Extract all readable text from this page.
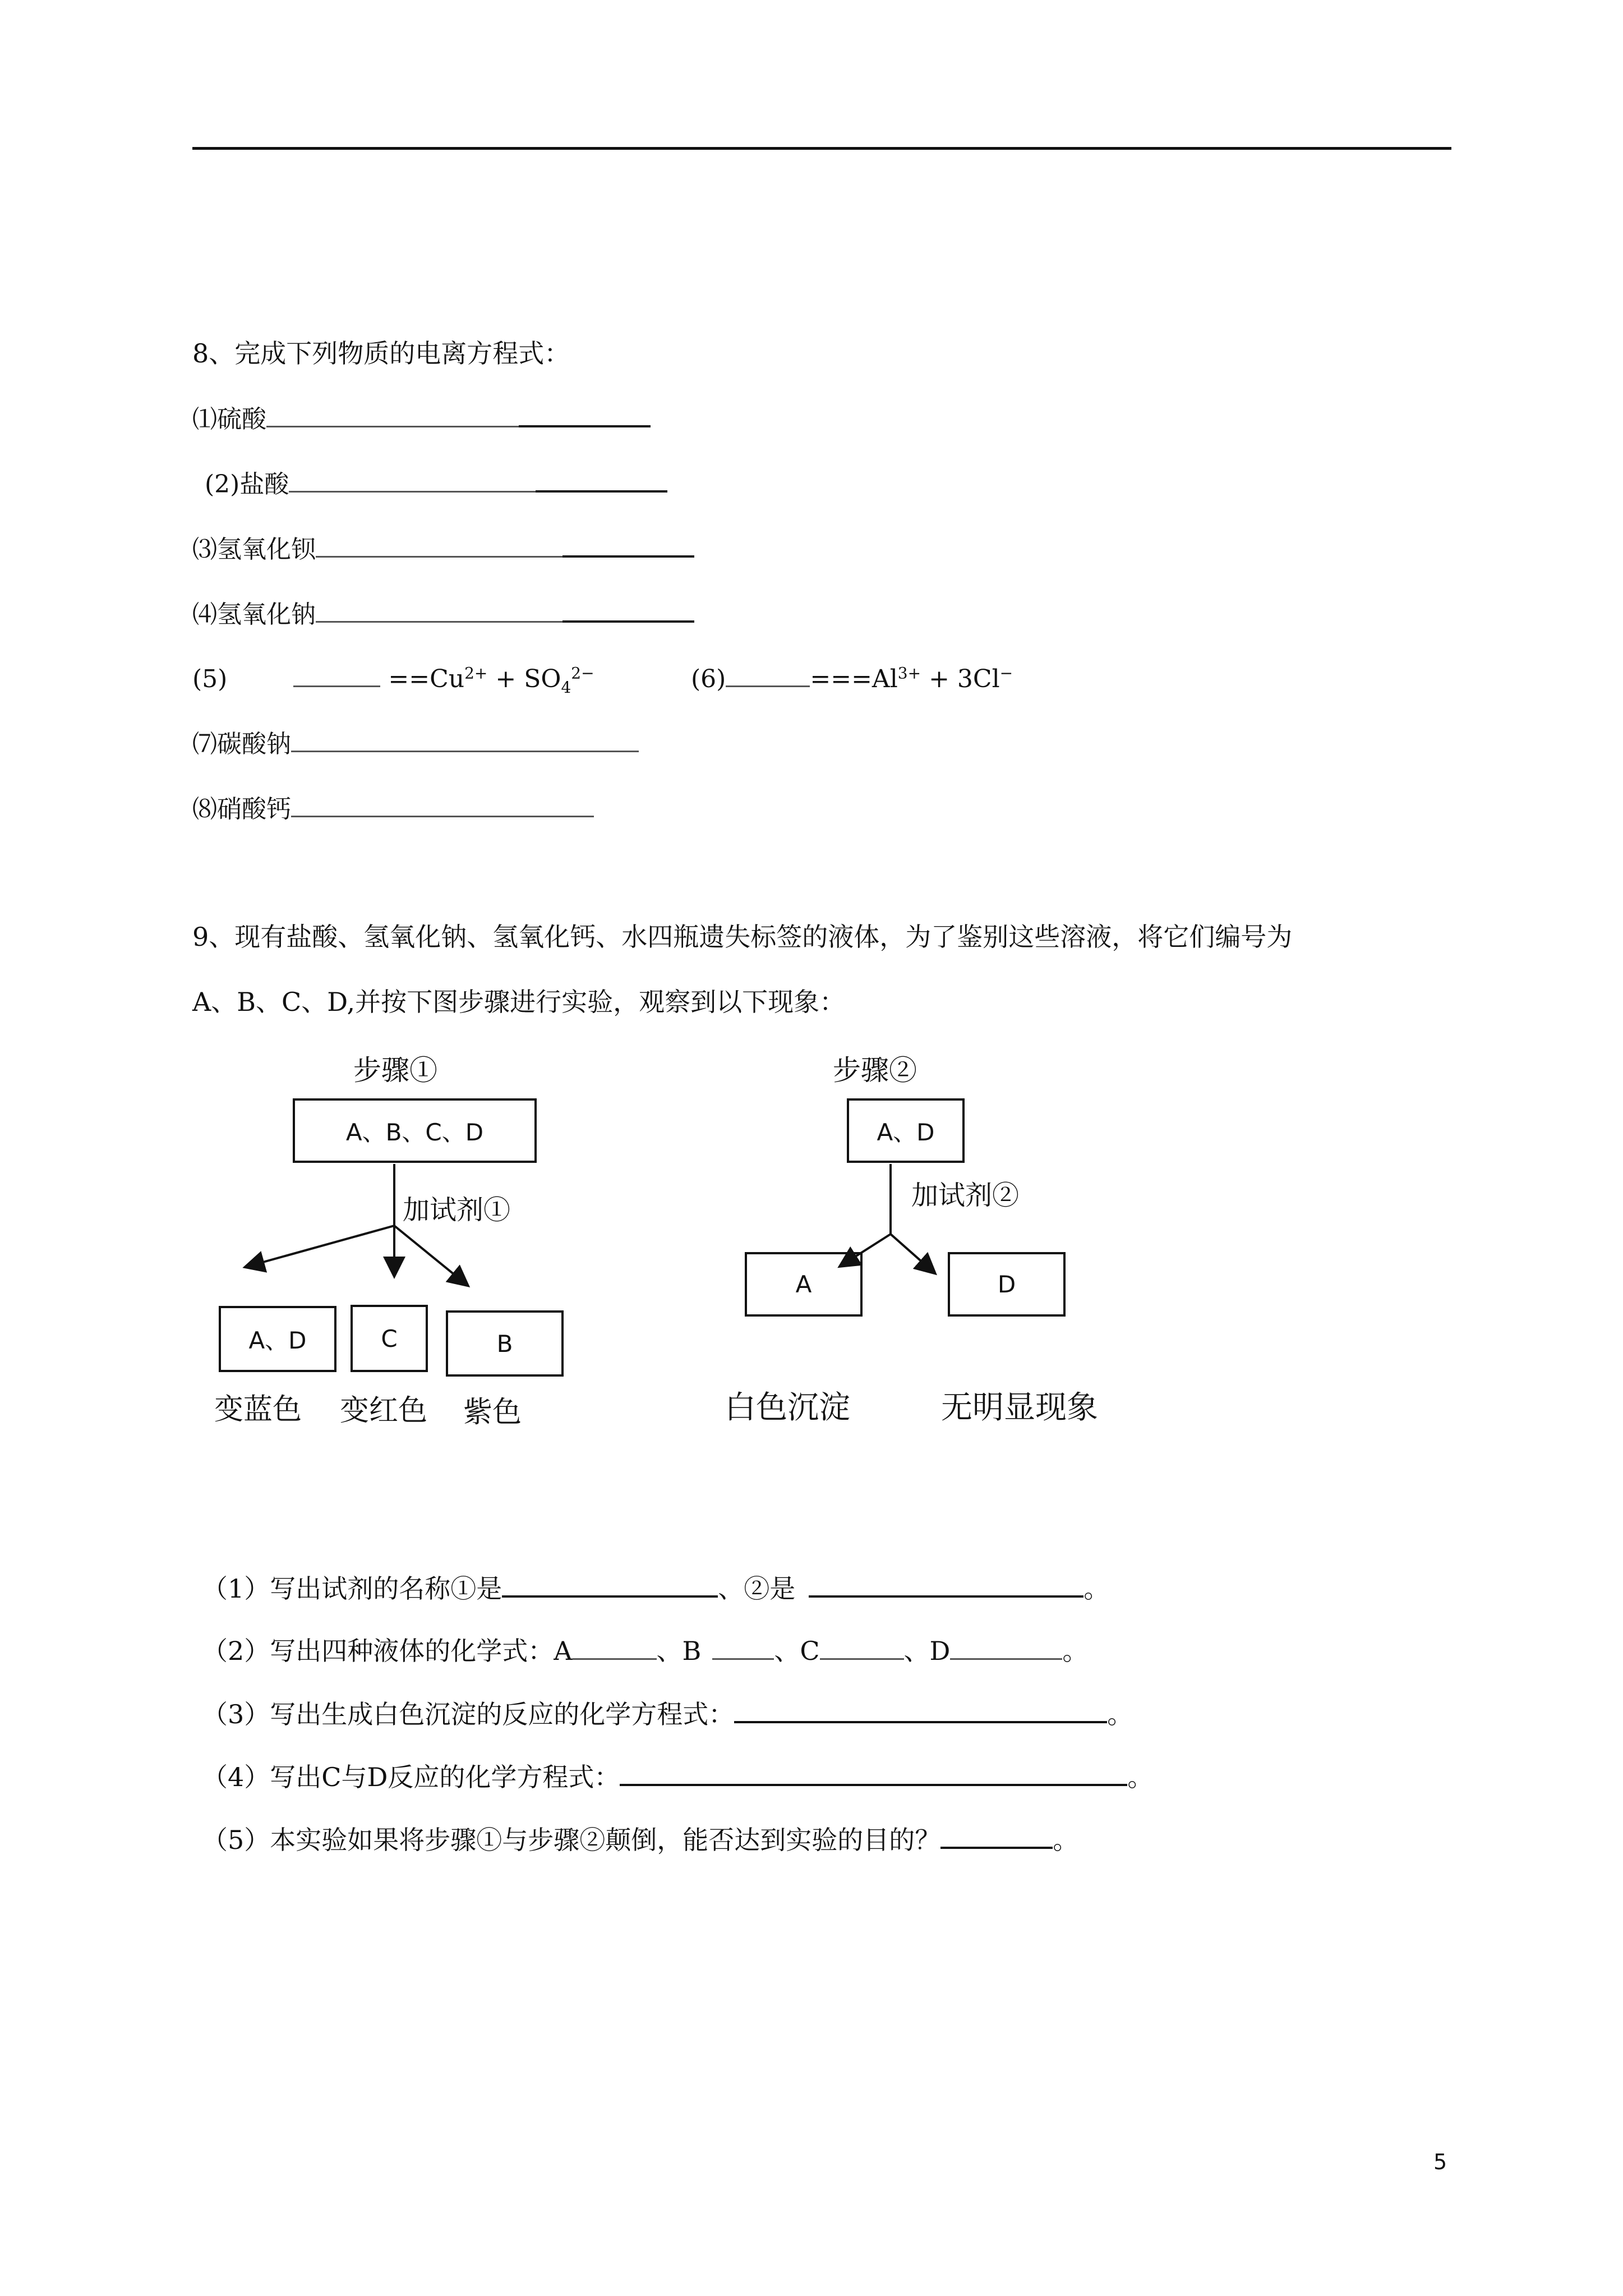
8、完成下列物质的电离方程式：
⑴硫酸
(2)盐酸
⑶氢氧化钡
⑷氢氧化钠
(5)	$==Cu^{2+} + SO_4^{2-}$	(6)	$===Al^{3+} + 3Cl^-$
⑺碳酸钠
⑻硝酸钙
9、现有盐酸、氢氧化钠、氢氧化钙、水四瓶遗失标签的液体，为了鉴别这些溶液，将它们编号为
A、B、C、D,并按下图步骤进行实验，观察到以下现象：
步骤①
A、B、C、D
加试剂①
A、D	C	B
变蓝色 变红色 紫色
步骤②
A、D
加试剂②
A	D
白色沉淀	无明显现象
（1）写出试剂的名称①是	、②是	。
（2）写出四种液体的化学式：A	、B	、C	、D	。
（3）写出生成白色沉淀的反应的化学方程式：	。
（4）写出C与D反应的化学方程式：	。
（5）本实验如果将步骤①与步骤②颠倒，能否达到实验的目的？	。
5
